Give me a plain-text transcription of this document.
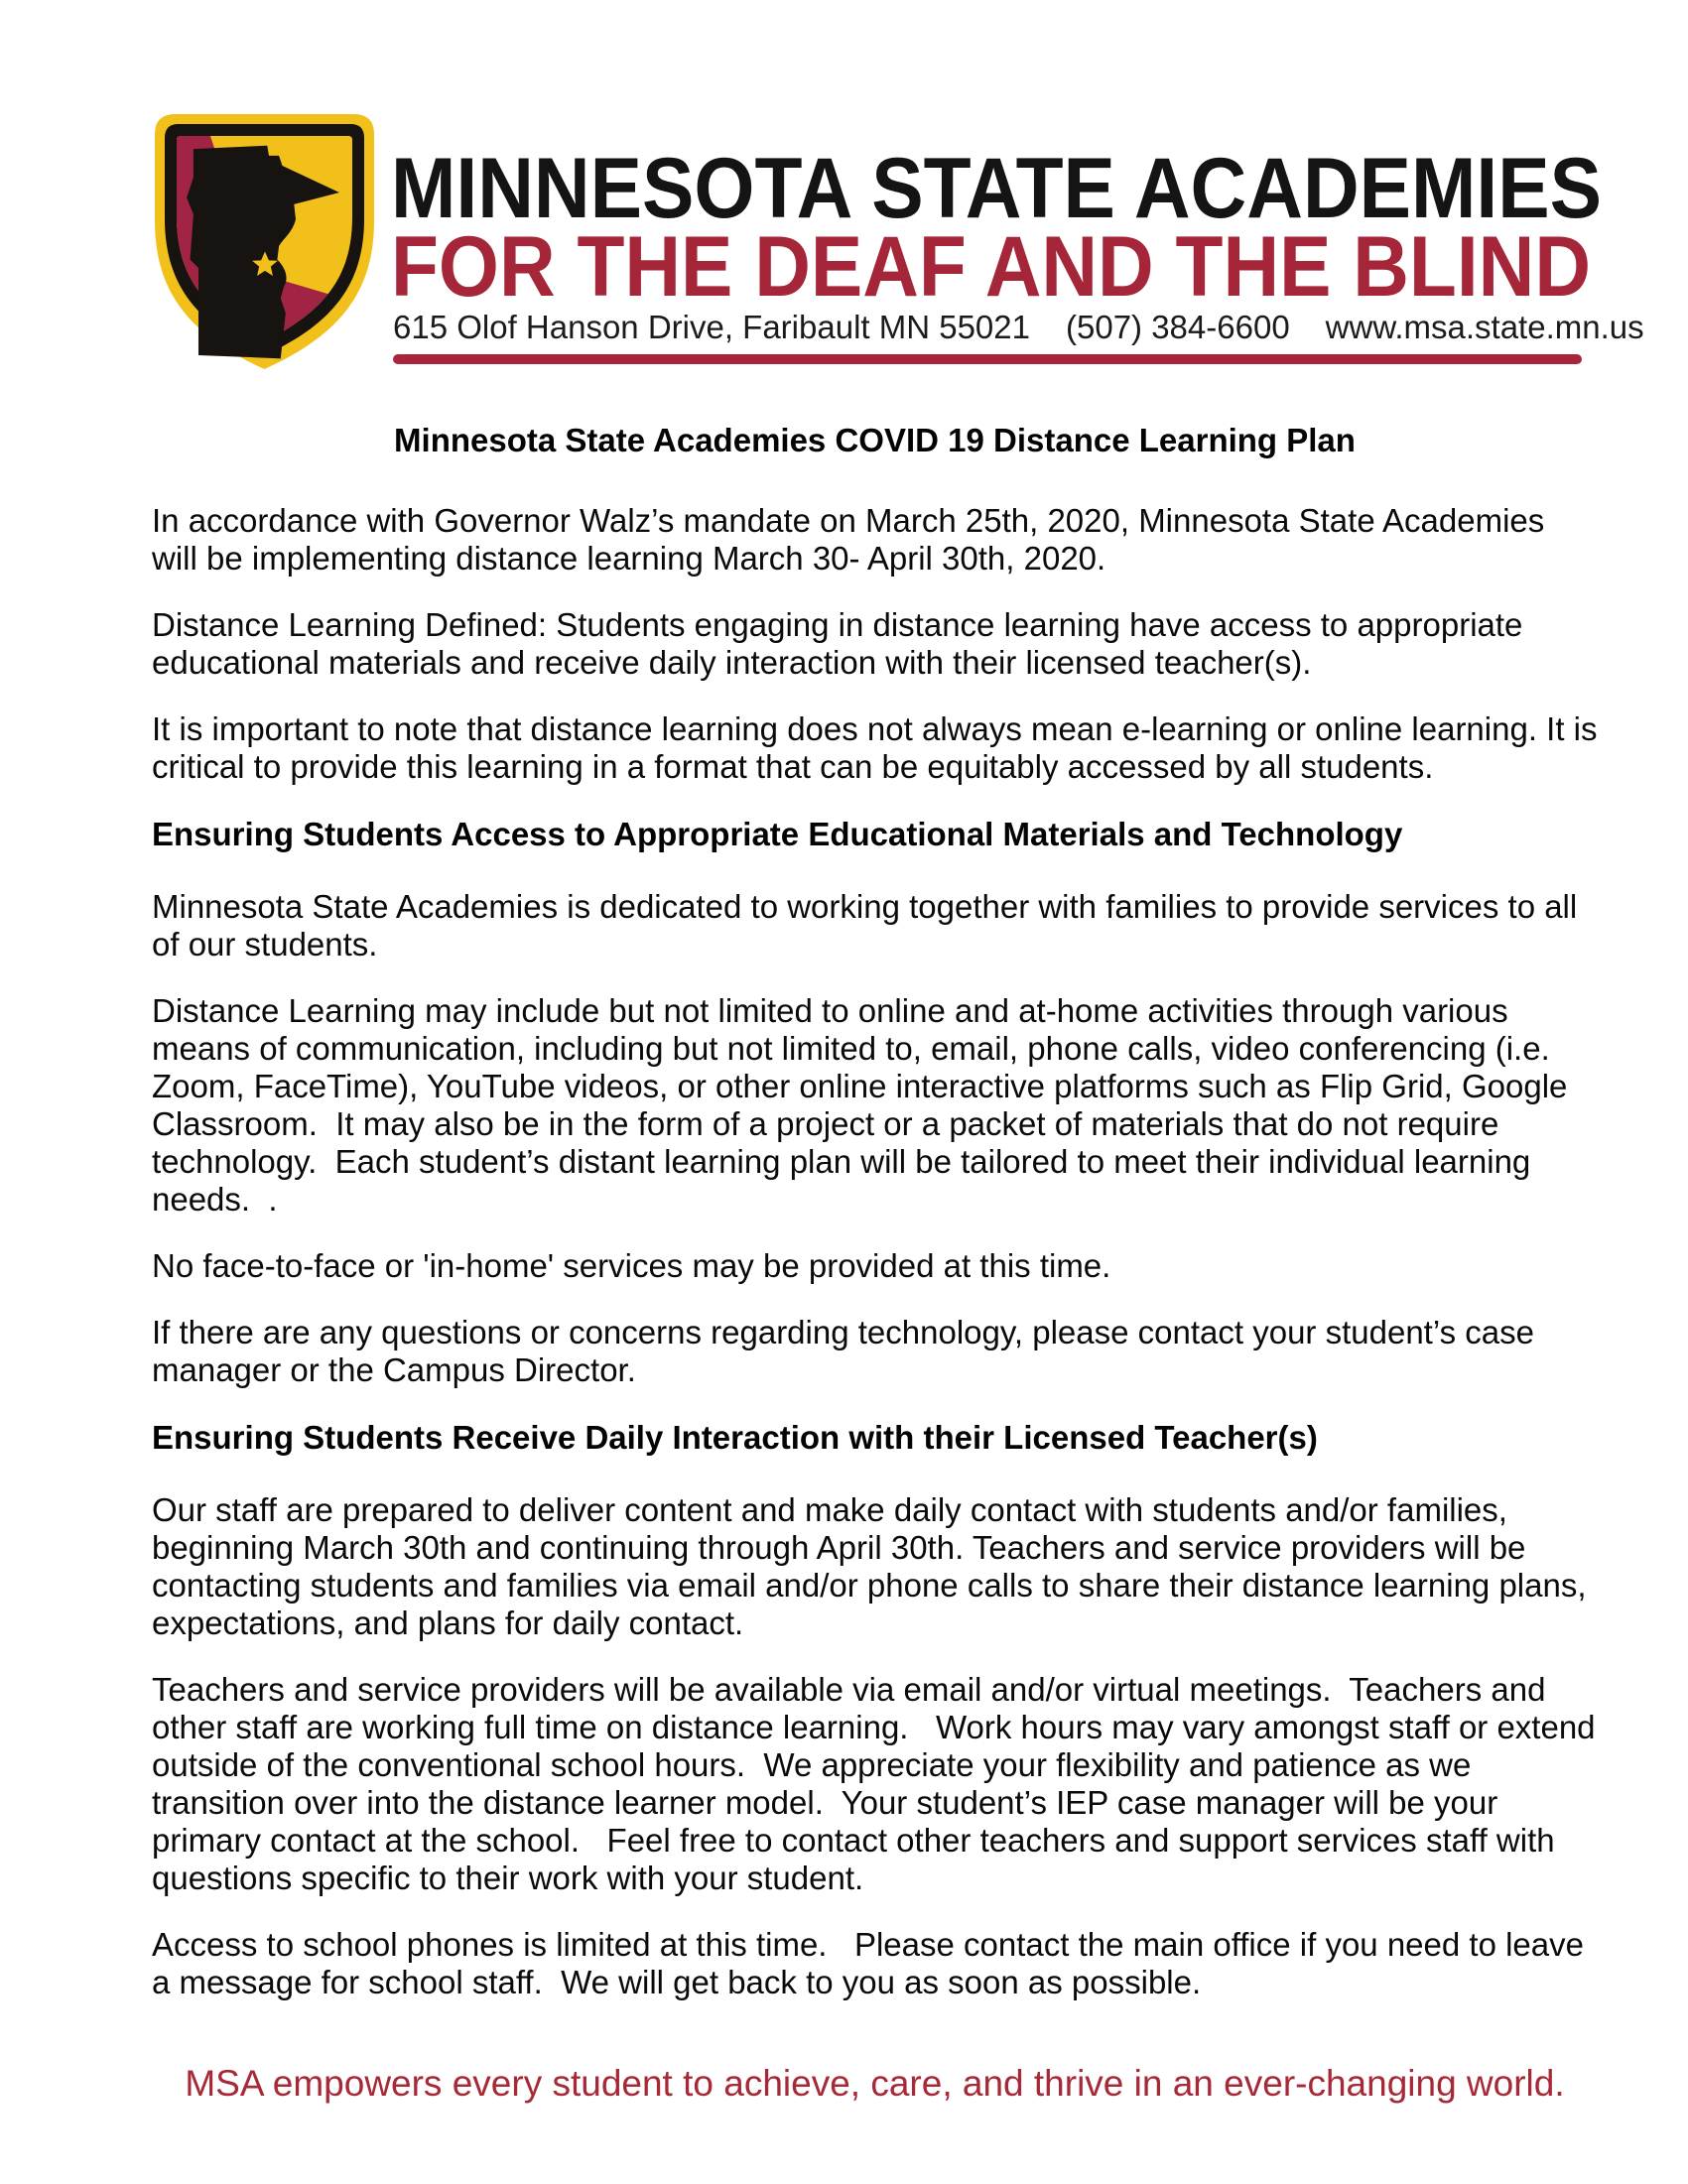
MINNESOTA STATE ACADEMIES
FOR THE DEAF AND THE BLIND
615 Olof Hanson Drive, Faribault MN 55021 (507) 384-6600 www.msa.state.mn.us
Minnesota State Academies COVID 19 Distance Learning Plan

In accordance with Governor Walz’s mandate on March 25th, 2020, Minnesota State Academies will be implementing distance learning March 30- April 30th, 2020.

Distance Learning Defined: Students engaging in distance learning have access to appropriate educational materials and receive daily interaction with their licensed teacher(s).

It is important to note that distance learning does not always mean e-learning or online learning. It is critical to provide this learning in a format that can be equitably accessed by all students.

Ensuring Students Access to Appropriate Educational Materials and Technology

Minnesota State Academies is dedicated to working together with families to provide services to all of our students.

Distance Learning may include but not limited to online and at-home activities through various means of communication, including but not limited to, email, phone calls, video conferencing (i.e.  Zoom, FaceTime), YouTube videos, or other online interactive platforms such as Flip Grid, Google Classroom.  It may also be in the form of a project or a packet of materials that do not require technology.  Each student’s distant learning plan will be tailored to meet their individual learning needs.  .

No face-to-face or 'in-home' services may be provided at this time.

If there are any questions or concerns regarding technology, please contact your student’s case manager or the Campus Director.

Ensuring Students Receive Daily Interaction with their Licensed Teacher(s)

Our staff are prepared to deliver content and make daily contact with students and/or families, beginning March 30th and continuing through April 30th. Teachers and service providers will be contacting students and families via email and/or phone calls to share their distance learning plans, expectations, and plans for daily contact.

Teachers and service providers will be available via email and/or virtual meetings.  Teachers and other staff are working full time on distance learning.   Work hours may vary amongst staff or extend outside of the conventional school hours.  We appreciate your flexibility and patience as we transition over into the distance learner model.  Your student’s IEP case manager will be your primary contact at the school.   Feel free to contact other teachers and support services staff with questions specific to their work with your student.

Access to school phones is limited at this time.   Please contact the main office if you need to leave a message for school staff.  We will get back to you as soon as possible.

MSA empowers every student to achieve, care, and thrive in an ever-changing world.
